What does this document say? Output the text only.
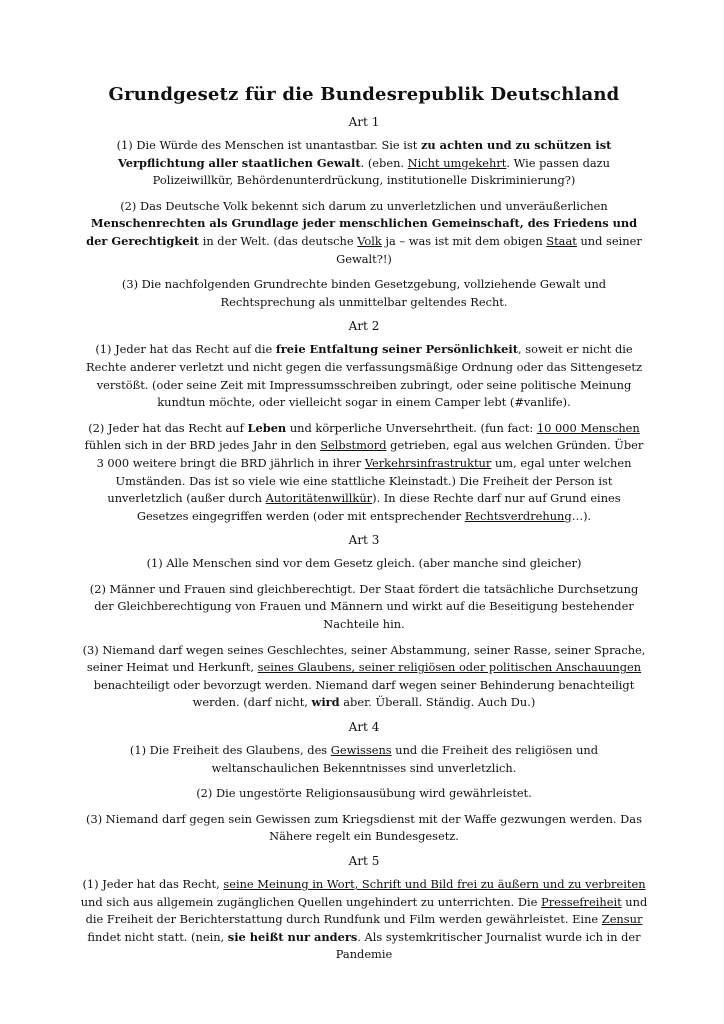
Grundgesetz für die Bundesrepublik Deutschland
Art 1
(1) Die Würde des Menschen ist unantastbar. Sie ist zu achten und zu schützen ist Verpflichtung aller staatlichen Gewalt. (eben. Nicht umgekehrt. Wie passen dazu Polizeiwillkür, Behördenunterdrückung, institutionelle Diskriminierung?)
(2) Das Deutsche Volk bekennt sich darum zu unverletzlichen und unveräußerlichen Menschenrechten als Grundlage jeder menschlichen Gemeinschaft, des Friedens und der Gerechtigkeit in der Welt. (das deutsche Volk ja – was ist mit dem obigen Staat und seiner Gewalt?!)
(3) Die nachfolgenden Grundrechte binden Gesetzgebung, vollziehende Gewalt und Rechtsprechung als unmittelbar geltendes Recht.
Art 2
(1) Jeder hat das Recht auf die freie Entfaltung seiner Persönlichkeit, soweit er nicht die Rechte anderer verletzt und nicht gegen die verfassungsmäßige Ordnung oder das Sittengesetz verstößt. (oder seine Zeit mit Impressumsschreiben zubringt, oder seine politische Meinung kundtun möchte, oder vielleicht sogar in einem Camper lebt (#vanlife).
(2) Jeder hat das Recht auf Leben und körperliche Unversehrtheit. (fun fact: 10 000 Menschen fühlen sich in der BRD jedes Jahr in den Selbstmord getrieben, egal aus welchen Gründen. Über 3 000 weitere bringt die BRD jährlich in ihrer Verkehrsinfrastruktur um, egal unter welchen Umständen. Das ist so viele wie eine stattliche Kleinstadt.) Die Freiheit der Person ist unverletzlich (außer durch Autoritätenwillkür). In diese Rechte darf nur auf Grund eines Gesetzes eingegriffen werden (oder mit entsprechender Rechtsverdrehung…).
Art 3
(1) Alle Menschen sind vor dem Gesetz gleich. (aber manche sind gleicher)
(2) Männer und Frauen sind gleichberechtigt. Der Staat fördert die tatsächliche Durchsetzung der Gleichberechtigung von Frauen und Männern und wirkt auf die Beseitigung bestehender Nachteile hin.
(3) Niemand darf wegen seines Geschlechtes, seiner Abstammung, seiner Rasse, seiner Sprache, seiner Heimat und Herkunft, seines Glaubens, seiner religiösen oder politischen Anschauungen benachteiligt oder bevorzugt werden. Niemand darf wegen seiner Behinderung benachteiligt werden. (darf nicht, wird aber. Überall. Ständig. Auch Du.)
Art 4
(1) Die Freiheit des Glaubens, des Gewissens und die Freiheit des religiösen und weltanschaulichen Bekenntnisses sind unverletzlich.
(2) Die ungestörte Religionsausübung wird gewährleistet.
(3) Niemand darf gegen sein Gewissen zum Kriegsdienst mit der Waffe gezwungen werden. Das Nähere regelt ein Bundesgesetz.
Art 5
(1) Jeder hat das Recht, seine Meinung in Wort, Schrift und Bild frei zu äußern und zu verbreiten und sich aus allgemein zugänglichen Quellen ungehindert zu unterrichten. Die Pressefreiheit und die Freiheit der Berichterstattung durch Rundfunk und Film werden gewährleistet. Eine Zensur findet nicht statt. (nein, sie heißt nur anders. Als systemkritischer Journalist wurde ich in der Pandemie
